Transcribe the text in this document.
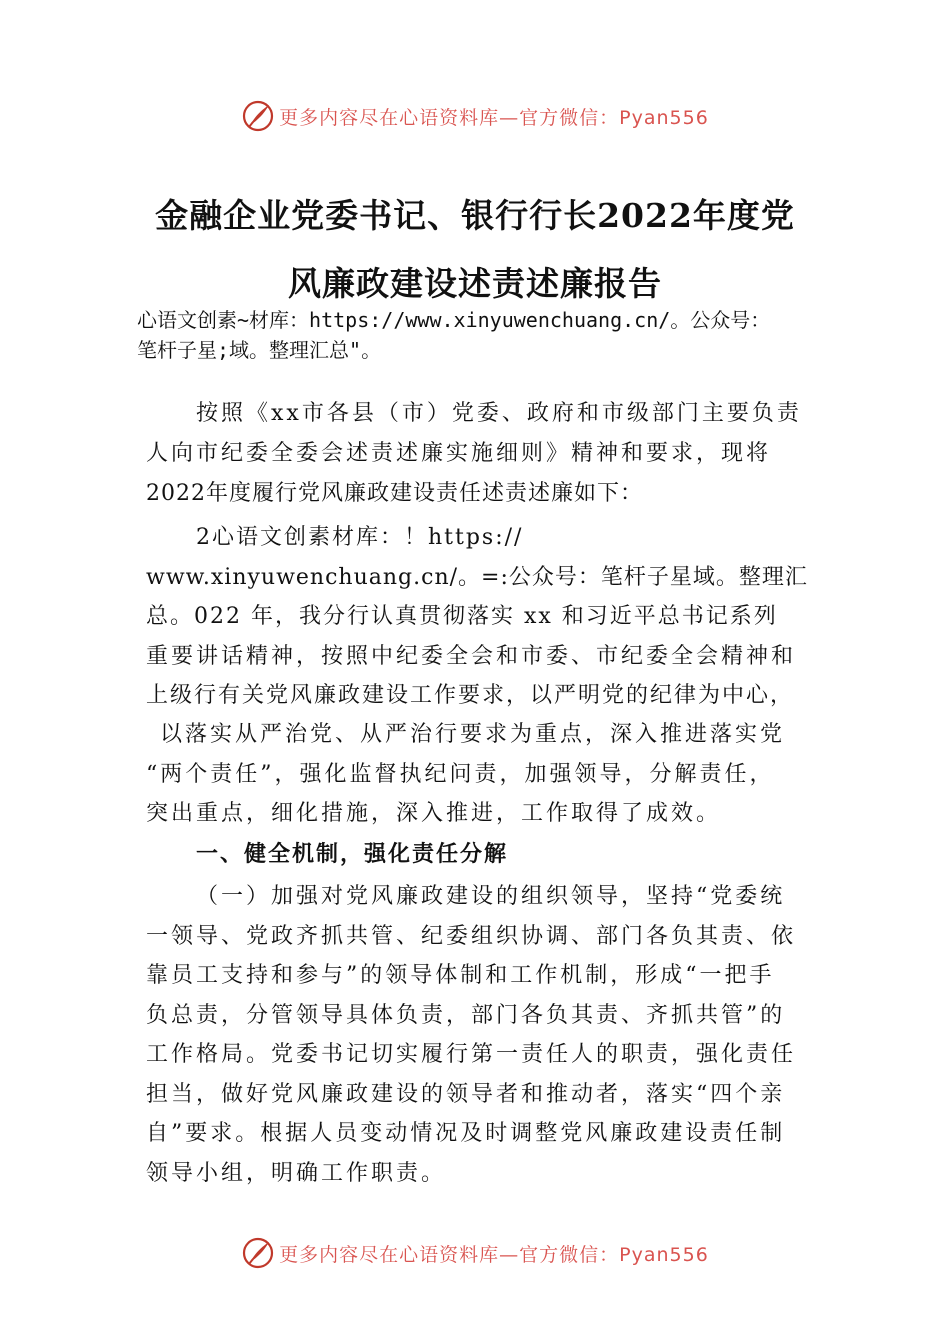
更多内容尽在心语资料库—官方微信：Pyan556
金融企业党委书记、银行行长2022年度党
风廉政建设述责述廉报告
心语文创素~材库：https://www.xinyuwenchuang.cn/。公众号：
笔杆子星;域。整理汇总"。
按照《xx市各县（市）党委、政府和市级部门主要负责
人向市纪委全委会述责述廉实施细则》精神和要求，现将
2022年度履行党风廉政建设责任述责述廉如下：
2心语文创素材库：！https://
www.xinyuwenchuang.cn/。=:公众号：笔杆子星域。整理汇
总。022 年，我分行认真贯彻落实 xx 和习近平总书记系列
重要讲话精神，按照中纪委全会和市委、市纪委全会精神和
上级行有关党风廉政建设工作要求，以严明党的纪律为中心，
以落实从严治党、从严治行要求为重点，深入推进落实党
“两个责任”，强化监督执纪问责，加强领导，分解责任，
突出重点，细化措施，深入推进，工作取得了成效。
一、健全机制，强化责任分解
（一）加强对党风廉政建设的组织领导，坚持“党委统
一领导、党政齐抓共管、纪委组织协调、部门各负其责、依
靠员工支持和参与”的领导体制和工作机制，形成“一把手
负总责，分管领导具体负责，部门各负其责、齐抓共管”的
工作格局。党委书记切实履行第一责任人的职责，强化责任
担当，做好党风廉政建设的领导者和推动者，落实“四个亲
自”要求。根据人员变动情况及时调整党风廉政建设责任制
领导小组，明确工作职责。
更多内容尽在心语资料库—官方微信：Pyan556
